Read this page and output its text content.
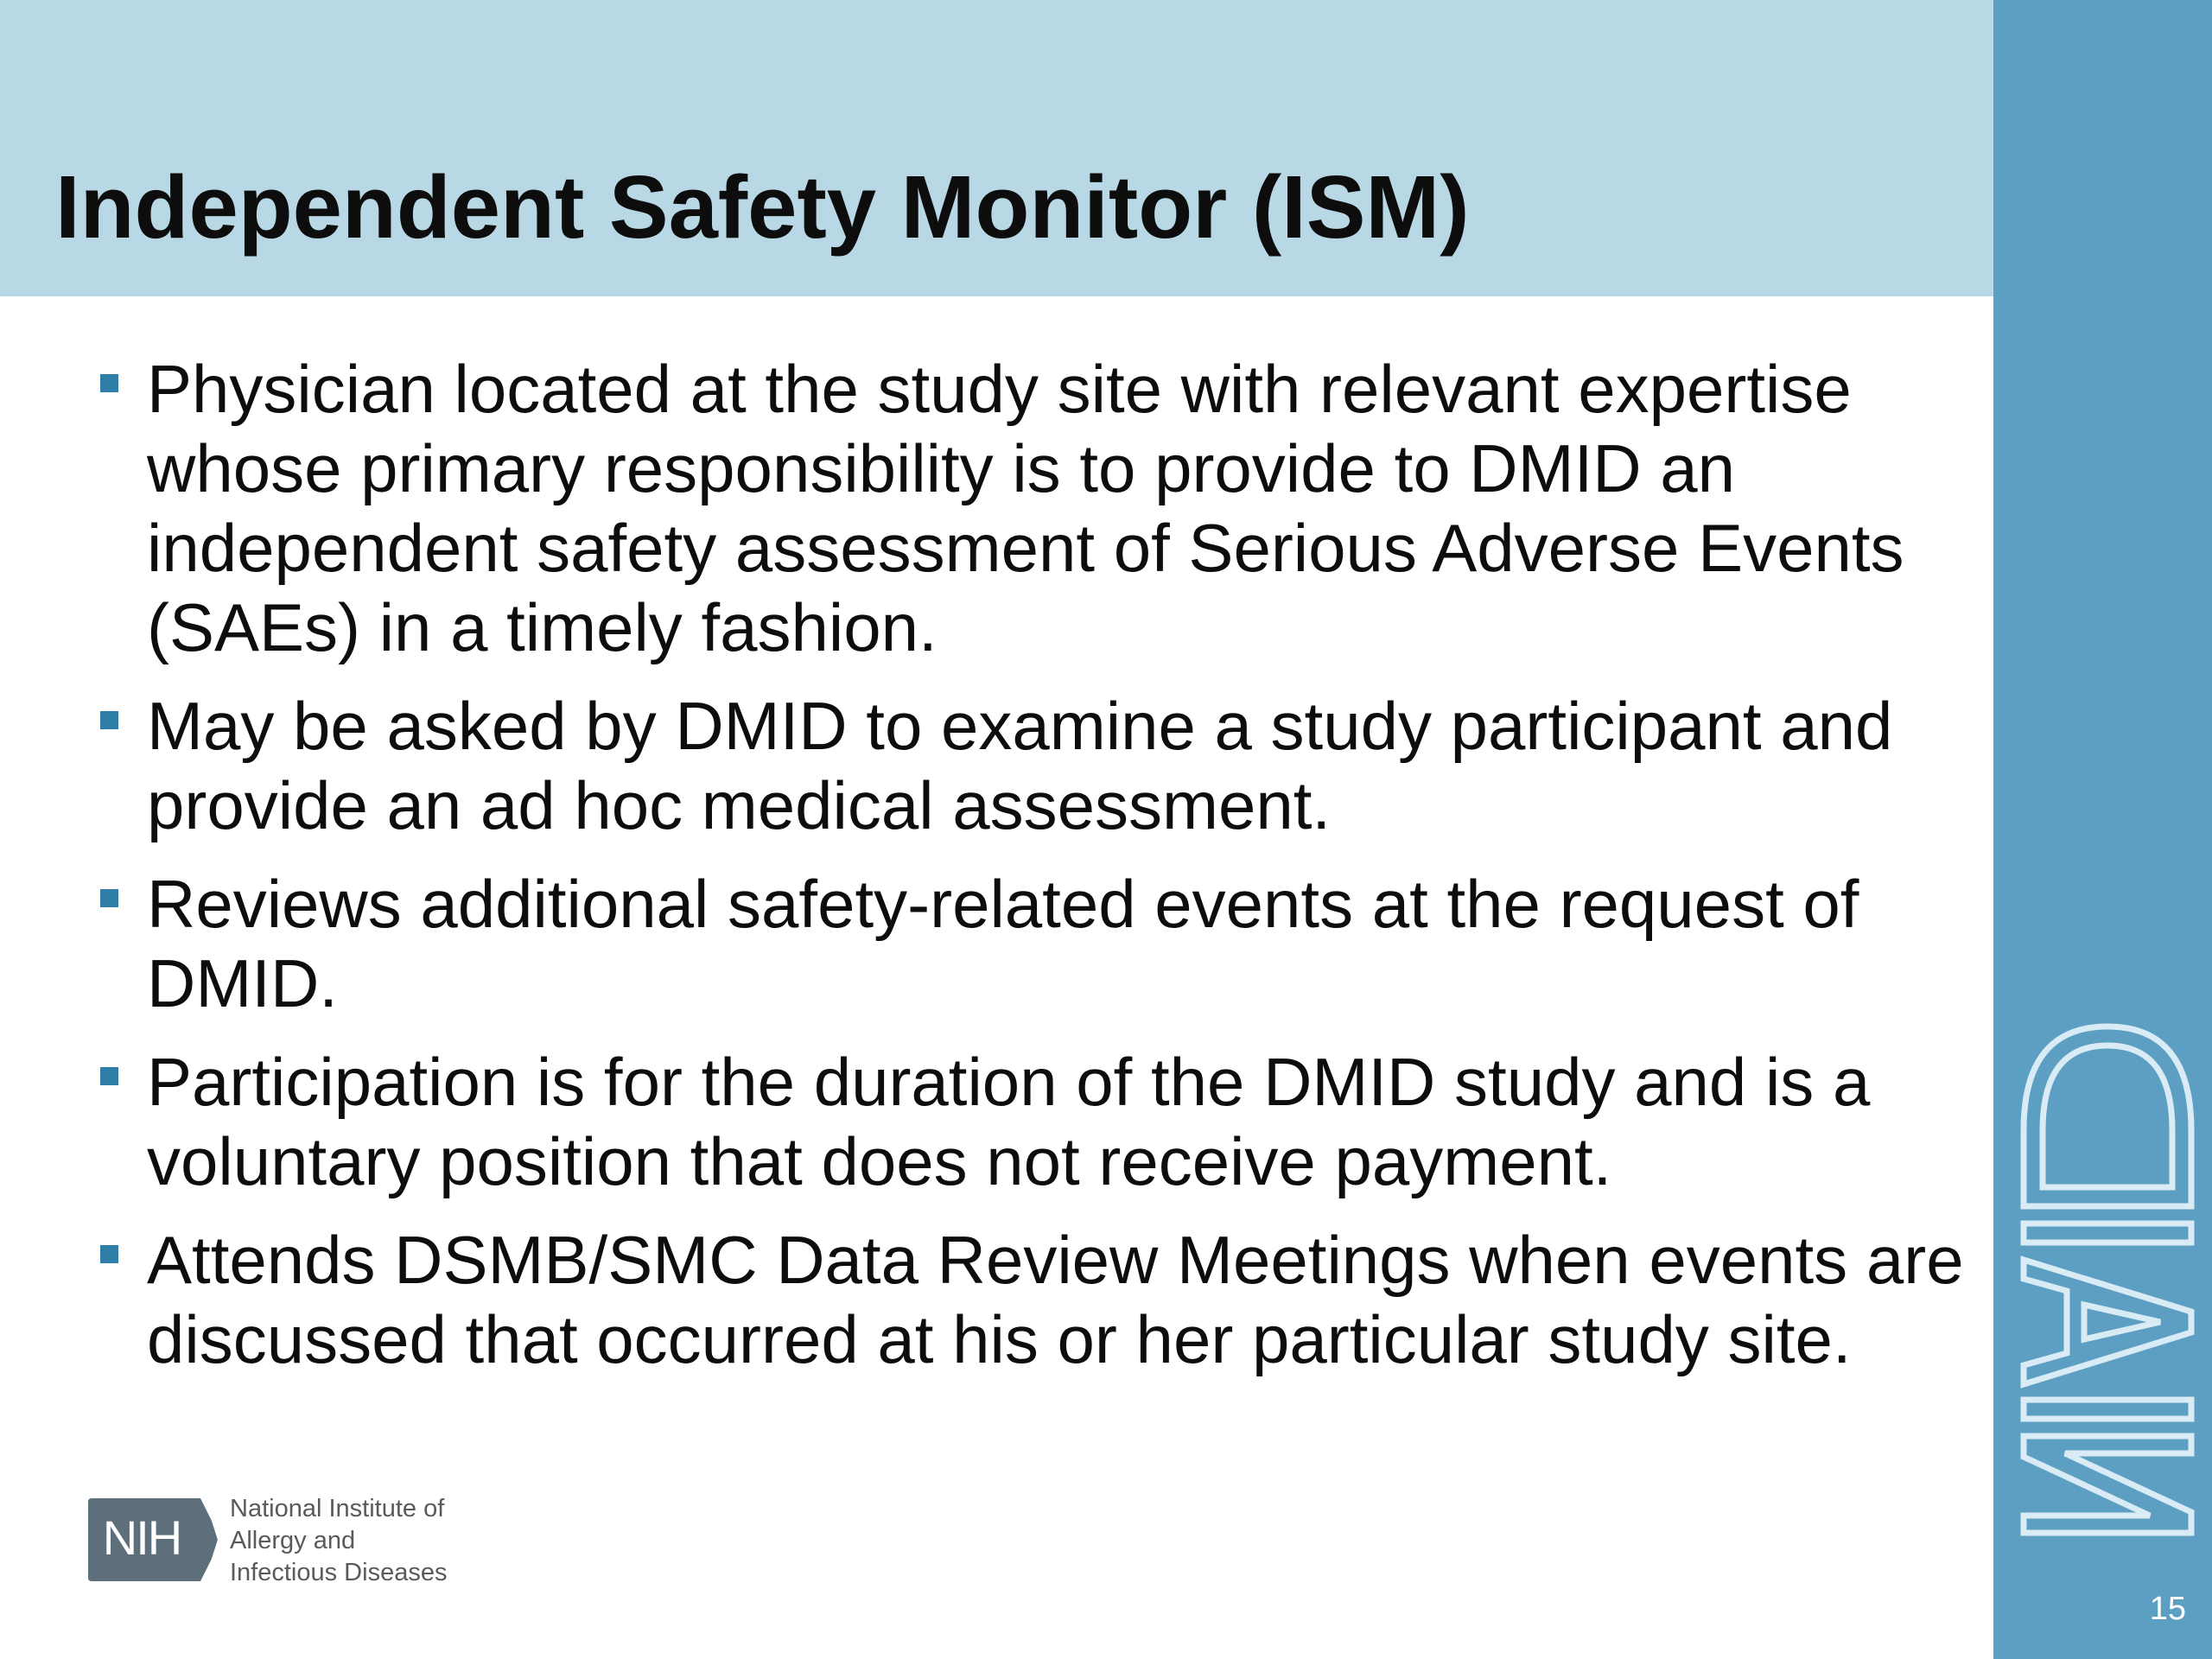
Independent Safety Monitor (ISM)
15
Physician located at the study site with relevant expertise whose primary responsibility is to provide to DMID an independent safety assessment of Serious Adverse Events (SAEs) in a timely fashion.
May be asked by DMID to examine a study participant and provide an ad hoc medical assessment.
Reviews additional safety-related events at the request of DMID.
Participation is for the duration of the DMID study and is a voluntary position that does not receive payment.
Attends DSMB/SMC Data Review Meetings when events are discussed that occurred at his or her particular study site.
NIH
National Institute of
Allergy and
Infectious Diseases
